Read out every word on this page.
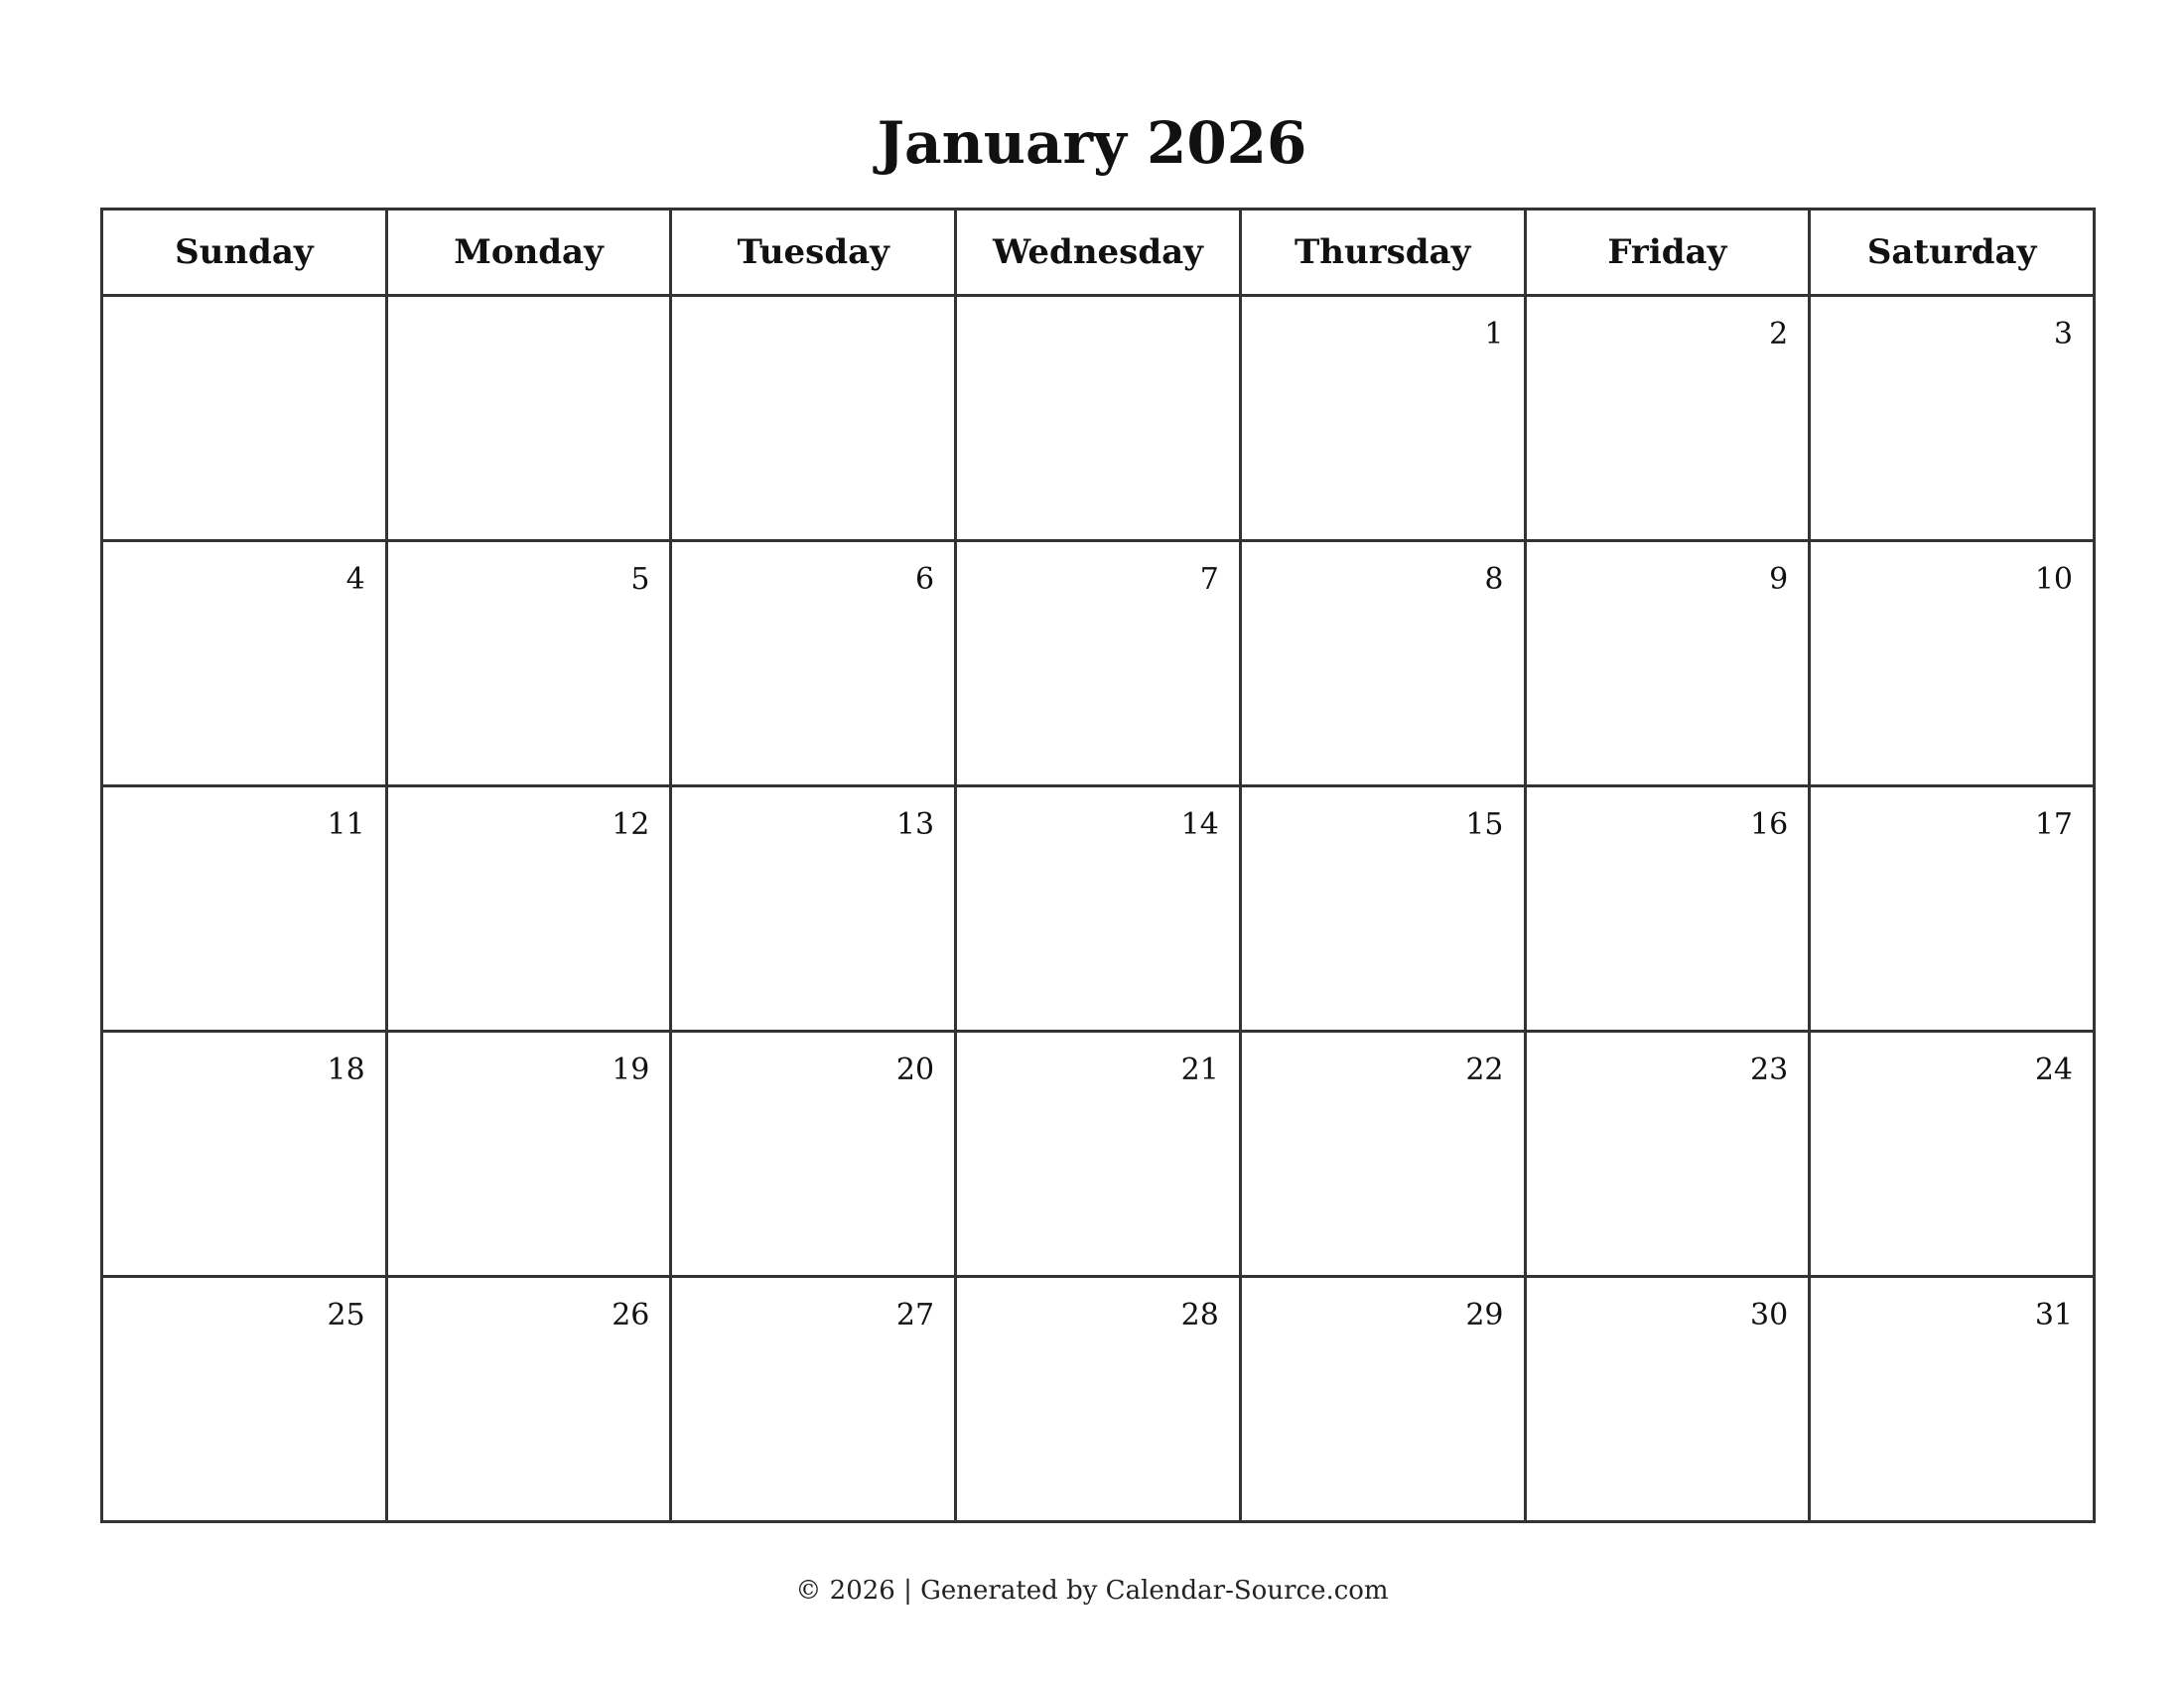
January 2026
Sunday	Monday	Tuesday	Wednesday	Thursday	Friday	Saturday

				1	2	3

4	5	6	7	8	9	10

11	12	13	14	15	16	17

18	19	20	21	22	23	24

25	26	27	28	29	30	31
© 2026 | Generated by Calendar-Source.com
